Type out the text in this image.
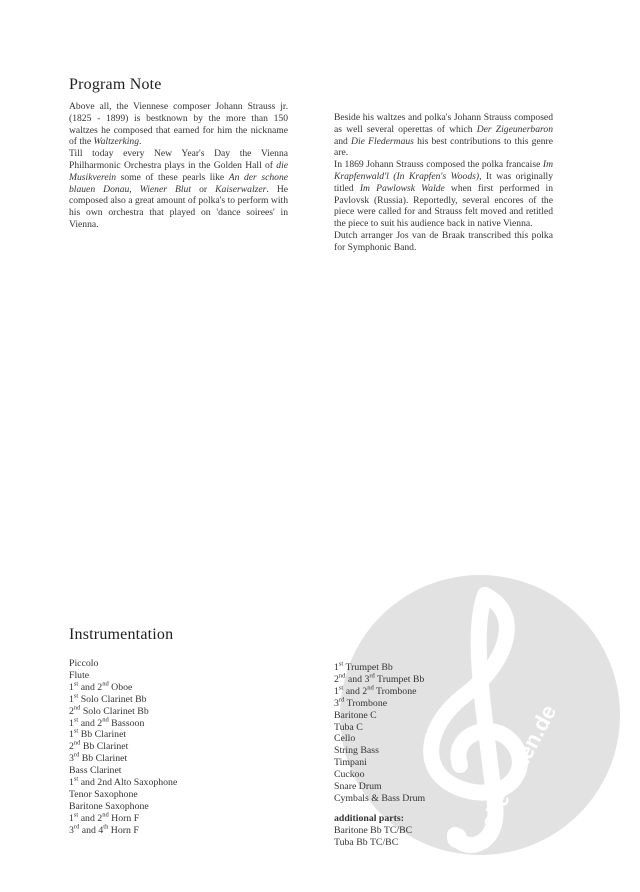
alle-noten.de
Program Note

Above all, the Viennese composer Johann Strauss jr. (1825 - 1899) is bestknown by the more than 150 waltzes he composed that earned for him the nickname of the Waltzerking.

Till today every New Year's Day the Vienna Philharmonic Orchestra plays in the Golden Hall of die Musikverein some of these pearls like An der schone blauen Donau, Wiener Blut or Kaiserwalzer. He composed also a great amount of polka's to perform with his own orchestra that played on 'dance soirees' in Vienna.

Beside his waltzes and polka's Johann Strauss composed as well several operettas of which Der Zigeunerbaron and Die Fledermaus his best contributions to this genre are.

In 1869 Johann Strauss composed the polka francaise Im Krapfenwald'l (In Krapfen's Woods), It was originally titled Im Pawlowsk Walde when first performed in Pavlovsk (Russia). Reportedly, several encores of the piece were called for and Strauss felt moved and retitled the piece to suit his audience back in native Vienna.

Dutch arranger Jos van de Braak transcribed this polka for Symphonic Band.

Instrumentation
Piccolo
Flute
1st and 2nd Oboe
1st Solo Clarinet Bb
2nd Solo Clarinet Bb
1st and 2nd Bassoon
1st Bb Clarinet
2nd Bb Clarinet
3rd Bb Clarinet
Bass Clarinet
1st and 2nd Alto Saxophone
Tenor Saxophone
Baritone Saxophone
1st and 2nd Horn F
3rd and 4th Horn F
1st Trumpet Bb
2nd and 3rd Trumpet Bb
1st and 2nd Trombone
3rd Trombone
Baritone C
Tuba C
Cello
String Bass
Timpani
Cuckoo
Snare Drum
Cymbals & Bass Drum
additional parts:
Baritone Bb TC/BC
Tuba Bb TC/BC
